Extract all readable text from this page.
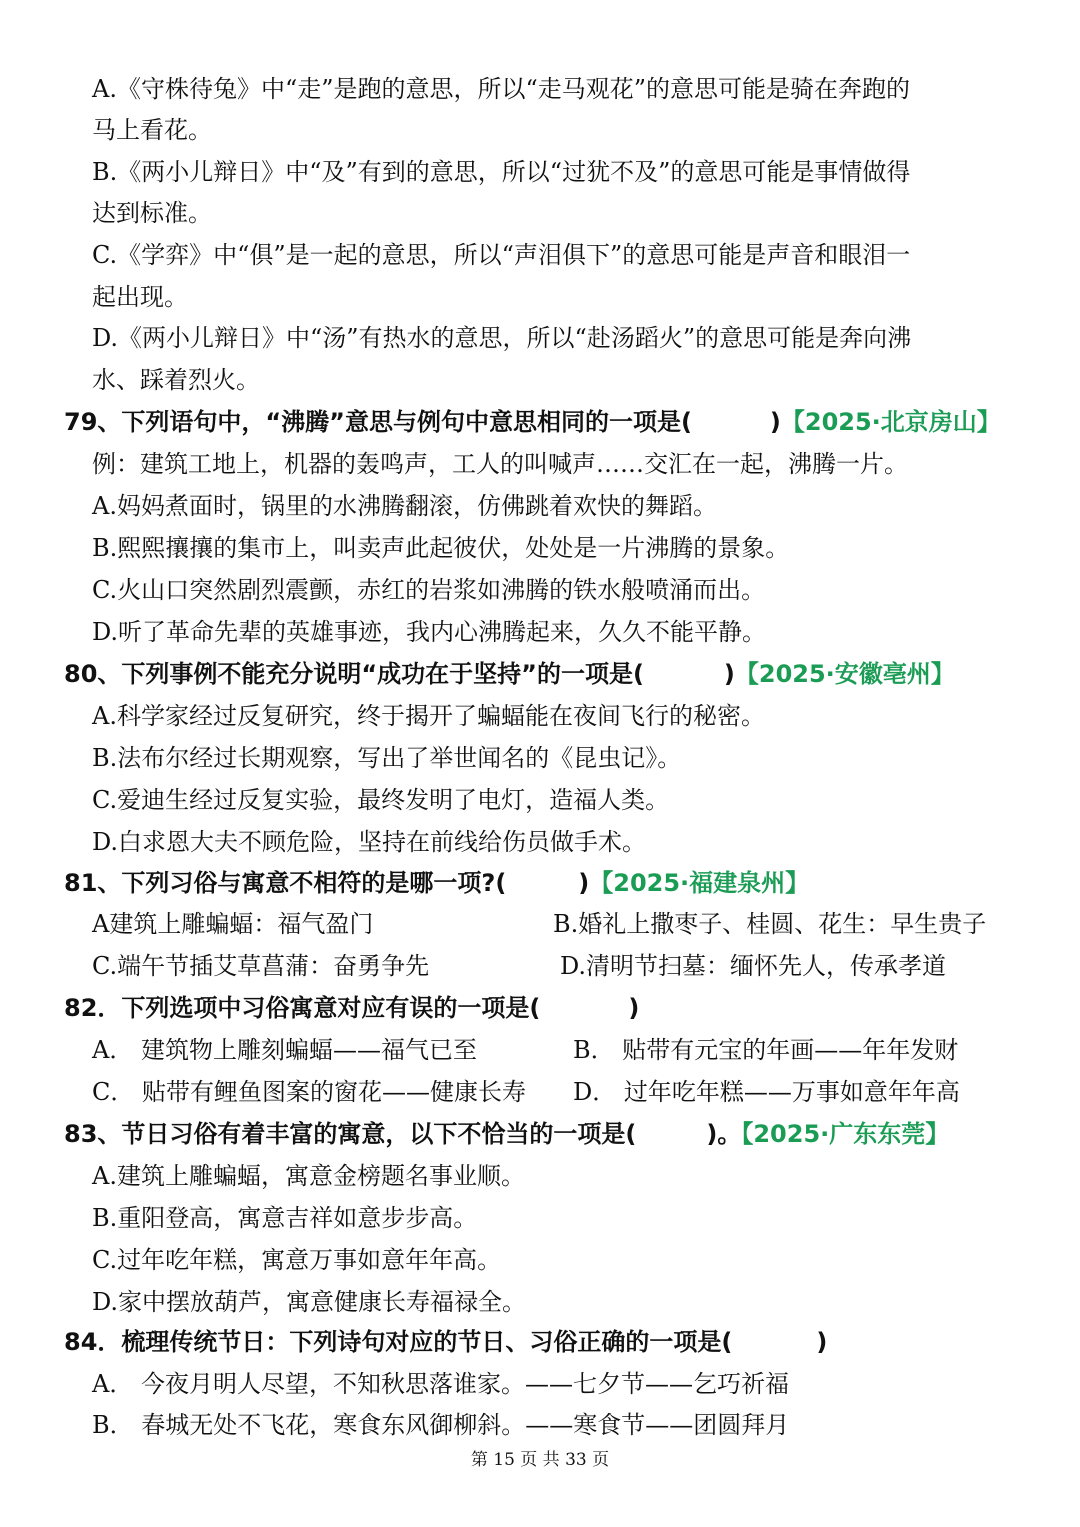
A.《守株待兔》中“走”是跑的意思，所以“走马观花”的意思可能是骑在奔跑的
马上看花。
B.《两小儿辩日》中“及”有到的意思，所以“过犹不及”的意思可能是事情做得
达到标准。
C.《学弈》中“俱”是一起的意思，所以“声泪俱下”的意思可能是声音和眼泪一
起出现。
D.《两小儿辩日》中“汤”有热水的意思，所以“赴汤蹈火”的意思可能是奔向沸
水、踩着烈火。
79、下列语句中，“沸腾”意思与例句中意思相同的一项是(	)【2025·北京房山】
例：建筑工地上，机器的轰鸣声，工人的叫喊声……交汇在一起，沸腾一片。
A.妈妈煮面时，锅里的水沸腾翻滚，仿佛跳着欢快的舞蹈。
B.熙熙攘攘的集市上，叫卖声此起彼伏，处处是一片沸腾的景象。
C.火山口突然剧烈震颤，赤红的岩浆如沸腾的铁水般喷涌而出。
D.听了革命先辈的英雄事迹，我内心沸腾起来，久久不能平静。
80、下列事例不能充分说明“成功在于坚持”的一项是(	)【2025·安徽亳州】
A.科学家经过反复研究，终于揭开了蝙蝠能在夜间飞行的秘密。
B.法布尔经过长期观察，写出了举世闻名的《昆虫记》。
C.爱迪生经过反复实验，最终发明了电灯，造福人类。
D.白求恩大夫不顾危险，坚持在前线给伤员做手术。
81、下列习俗与寓意不相符的是哪一项?(	)【2025·福建泉州】
A建筑上雕蝙蝠：福气盈门	B.婚礼上撒枣子、桂圆、花生：早生贵子
C.端午节插艾草菖蒲：奋勇争先	D.清明节扫墓：缅怀先人，传承孝道
82．下列选项中习俗寓意对应有误的一项是(	)
A． 建筑物上雕刻蝙蝠——福气已至	B． 贴带有元宝的年画——年年发财
C． 贴带有鲤鱼图案的窗花——健康长寿 D． 过年吃年糕——万事如意年年高
83、节日习俗有着丰富的寓意，以下不恰当的一项是(	)。【2025·广东东莞】
A.建筑上雕蝙蝠，寓意金榜题名事业顺。
B.重阳登高，寓意吉祥如意步步高。
C.过年吃年糕，寓意万事如意年年高。
D.家中摆放葫芦，寓意健康长寿福禄全。
84．梳理传统节日：下列诗句对应的节日、习俗正确的一项是(	)
A． 今夜月明人尽望，不知秋思落谁家。——七夕节——乞巧祈福
B． 春城无处不飞花，寒食东风御柳斜。——寒食节——团圆拜月
第 15 页 共 33 页
